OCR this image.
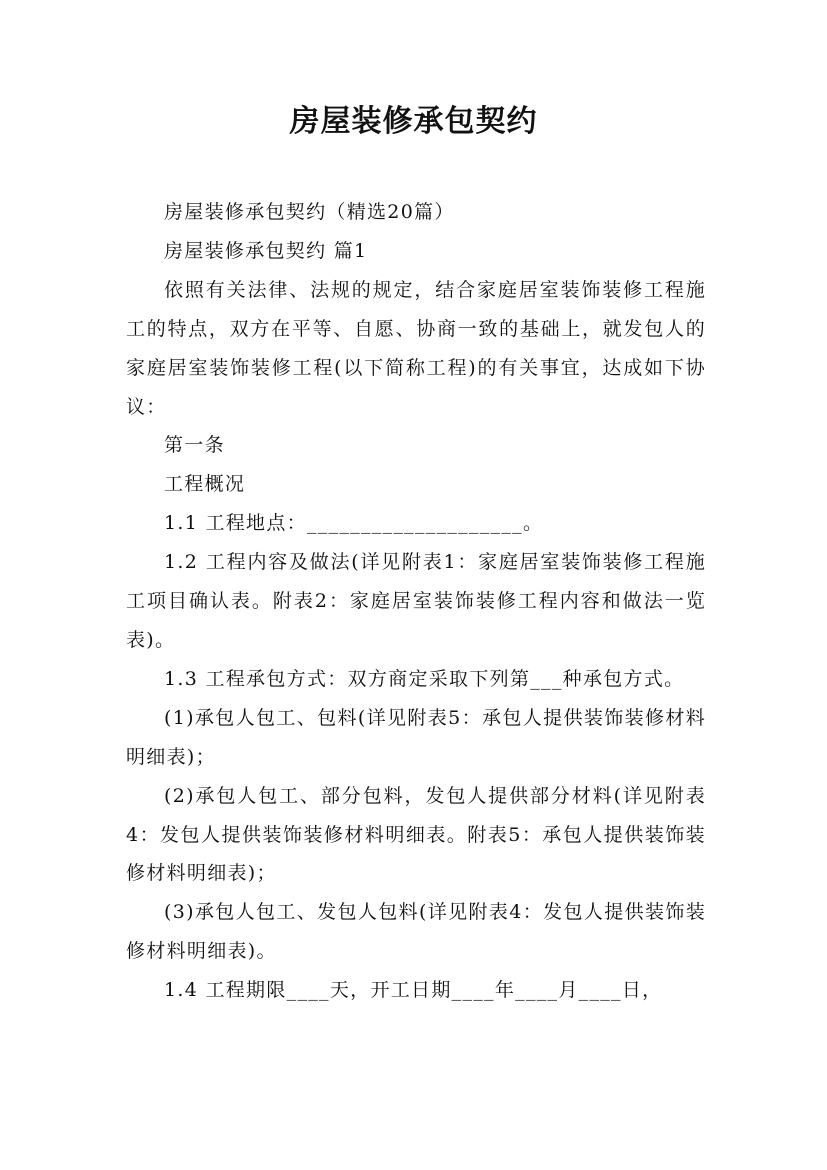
房屋装修承包契约

房屋装修承包契约（精选20篇）

房屋装修承包契约 篇1

依照有关法律、法规的规定，结合家庭居室装饰装修工程施工的特点，双方在平等、自愿、协商一致的基础上，就发包人的家庭居室装饰装修工程(以下简称工程)的有关事宜，达成如下协议：

第一条

工程概况

1.1 工程地点：____________________。

1.2 工程内容及做法(详见附表1：家庭居室装饰装修工程施工项目确认表。附表2：家庭居室装饰装修工程内容和做法一览表)。

1.3 工程承包方式：双方商定采取下列第___种承包方式。

(1)承包人包工、包料(详见附表5：承包人提供装饰装修材料明细表)；

(2)承包人包工、部分包料，发包人提供部分材料(详见附表4：发包人提供装饰装修材料明细表。附表5：承包人提供装饰装修材料明细表)；

(3)承包人包工、发包人包料(详见附表4：发包人提供装饰装修材料明细表)。

1.4 工程期限____天，开工日期____年____月____日，
